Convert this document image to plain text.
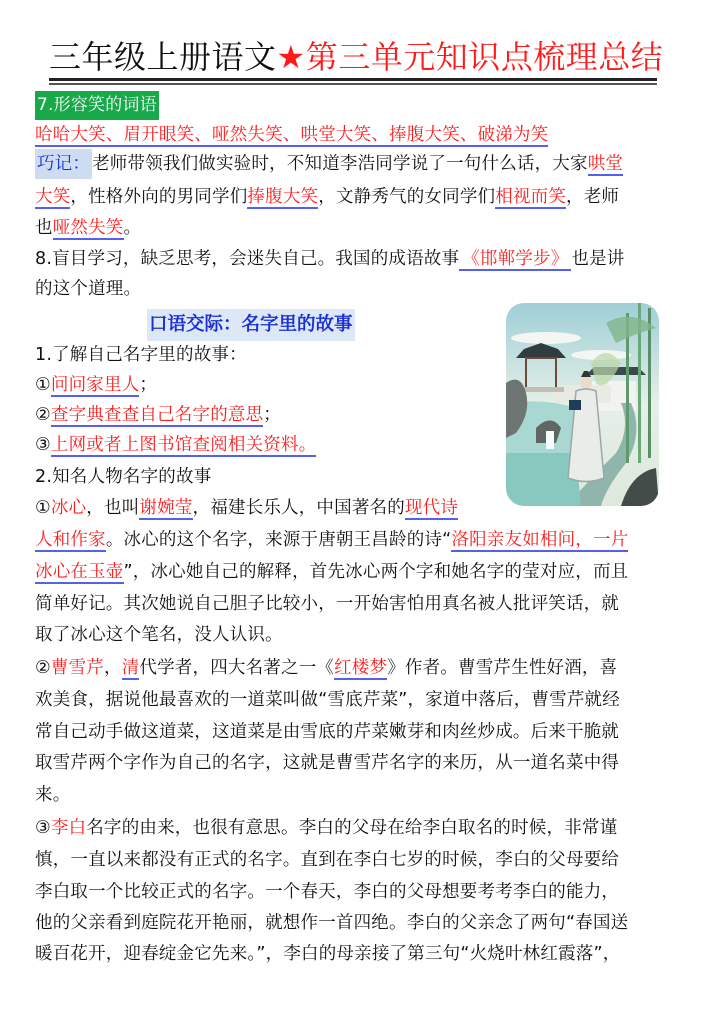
三年级上册语文★第三单元知识点梳理总结
7.形容笑的词语
哈哈大笑、眉开眼笑、哑然失笑、哄堂大笑、捧腹大笑、破涕为笑
巧记： 老师带领我们做实验时，不知道李浩同学说了一句什么话，大家哄堂
大笑，性格外向的男同学们捧腹大笑，文静秀气的女同学们相视而笑，老师
也哑然失笑。
8.盲目学习，缺乏思考，会迷失自己。我国的成语故事 《邯郸学步》 也是讲
的这个道理。
口语交际：名字里的故事
1.了解自己名字里的故事：
①问问家里人；
②查字典查查自己名字的意思；
③上网或者上图书馆查阅相关资料。
2.知名人物名字的故事
①冰心，也叫谢婉莹，福建长乐人，中国著名的现代诗
人和作家。冰心的这个名字，来源于唐朝王昌龄的诗“洛阳亲友如相问，一片
冰心在玉壶”，冰心她自己的解释，首先冰心两个字和她名字的莹对应，而且
简单好记。其次她说自己胆子比较小，一开始害怕用真名被人批评笑话，就
取了冰心这个笔名，没人认识。
②曹雪芹，清代学者，四大名著之一《红楼梦》作者。曹雪芹生性好酒，喜
欢美食，据说他最喜欢的一道菜叫做“雪底芹菜”，家道中落后，曹雪芹就经
常自己动手做这道菜，这道菜是由雪底的芹菜嫩芽和肉丝炒成。后来干脆就
取雪芹两个字作为自己的名字，这就是曹雪芹名字的来历，从一道名菜中得
来。
③李白名字的由来，也很有意思。李白的父母在给李白取名的时候，非常谨
慎，一直以来都没有正式的名字。直到在李白七岁的时候，李白的父母要给
李白取一个比较正式的名字。一个春天，李白的父母想要考考李白的能力，
他的父亲看到庭院花开艳丽，就想作一首四绝。李白的父亲念了两句“春国送
暖百花开，迎春绽金它先来。”，李白的母亲接了第三句“火烧叶林红霞落”，
